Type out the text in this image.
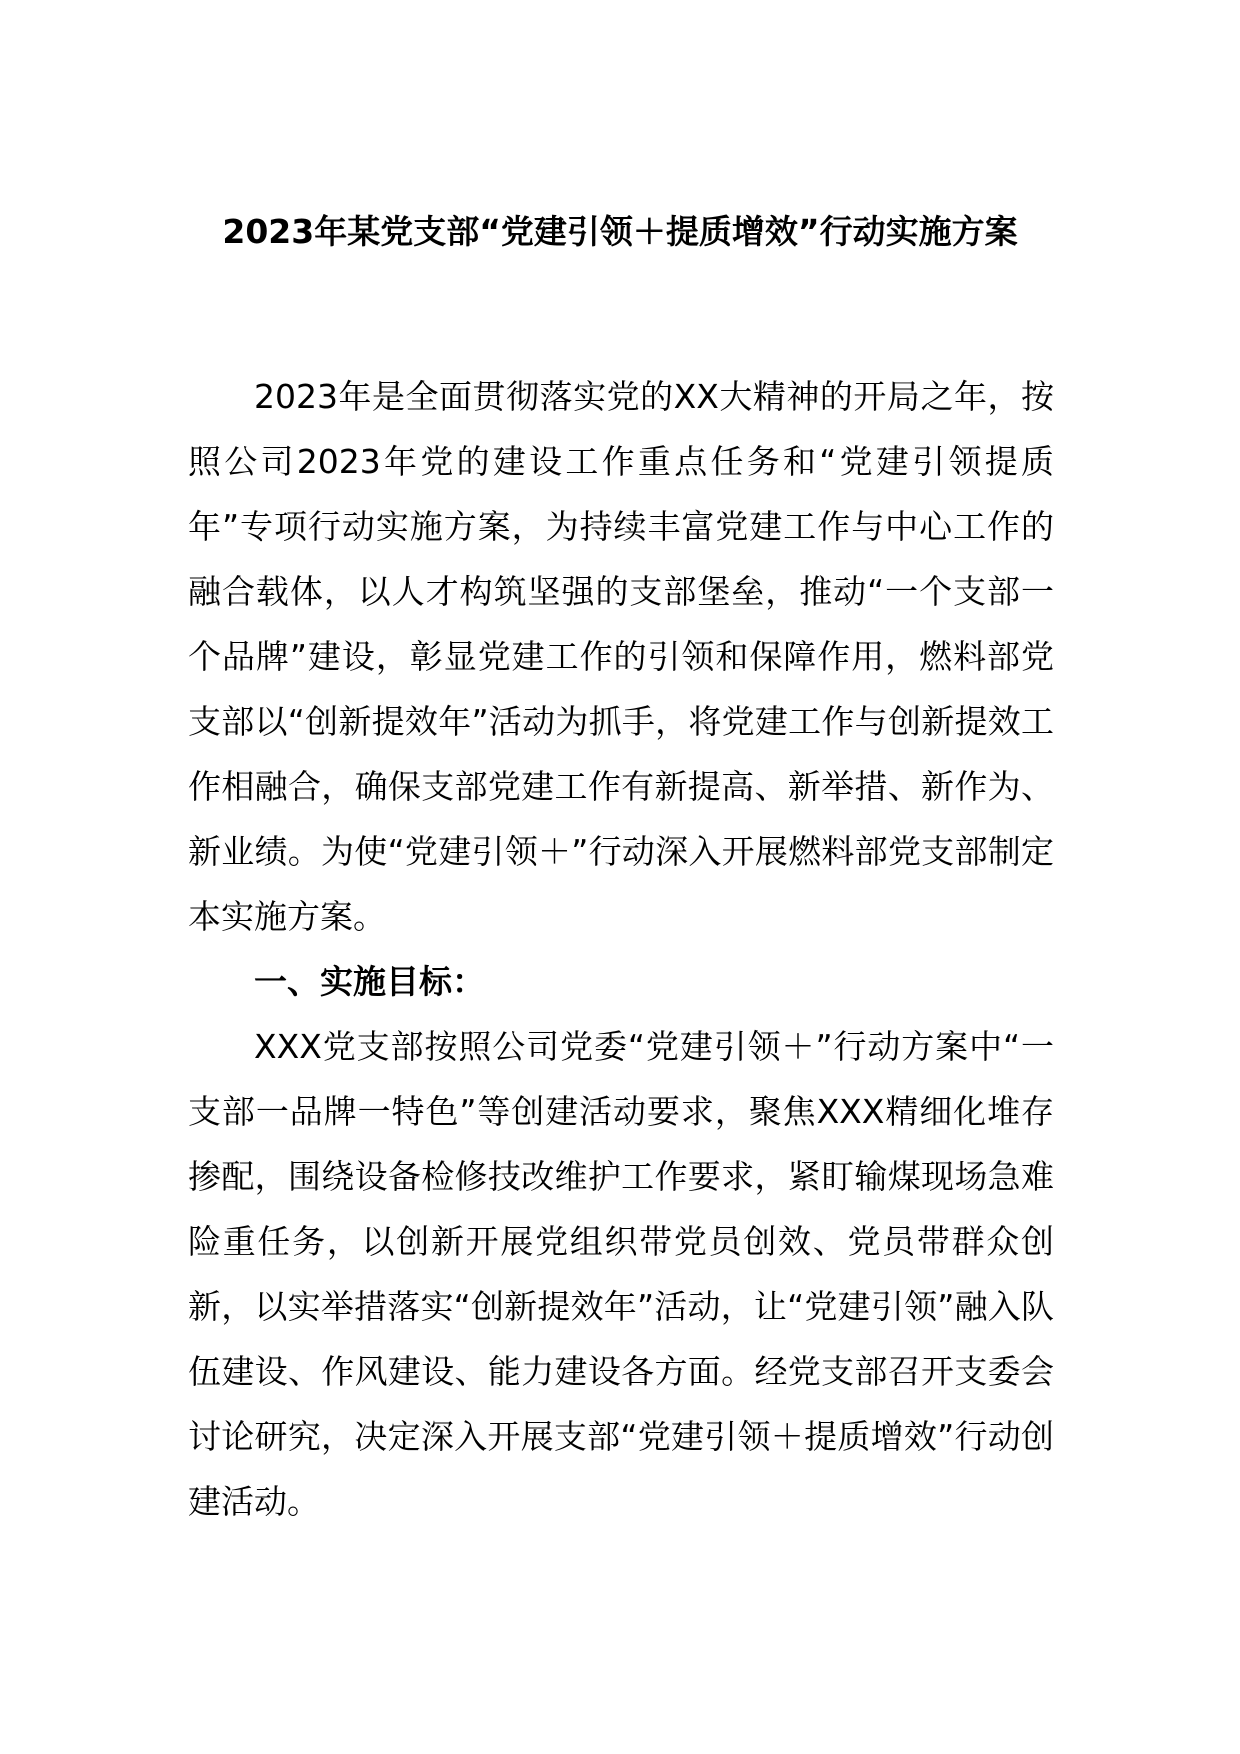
2023年某党支部“党建引领＋提质增效”行动实施方案

2023年是全面贯彻落实党的XX大精神的开局之年，按照公司2023年党的建设工作重点任务和“党建引领提质年”专项行动实施方案，为持续丰富党建工作与中心工作的融合载体，以人才构筑坚强的支部堡垒，推动“一个支部一个品牌”建设，彰显党建工作的引领和保障作用，燃料部党支部以“创新提效年”活动为抓手，将党建工作与创新提效工作相融合，确保支部党建工作有新提高、新举措、新作为、新业绩。为使“党建引领＋”行动深入开展燃料部党支部制定本实施方案。

一、实施目标：

XXX党支部按照公司党委“党建引领＋”行动方案中“一支部一品牌一特色”等创建活动要求，聚焦XXX精细化堆存掺配，围绕设备检修技改维护工作要求，紧盯输煤现场急难险重任务，以创新开展党组织带党员创效、党员带群众创新，以实举措落实“创新提效年”活动，让“党建引领”融入队伍建设、作风建设、能力建设各方面。经党支部召开支委会讨论研究，决定深入开展支部“党建引领＋提质增效”行动创建活动。
